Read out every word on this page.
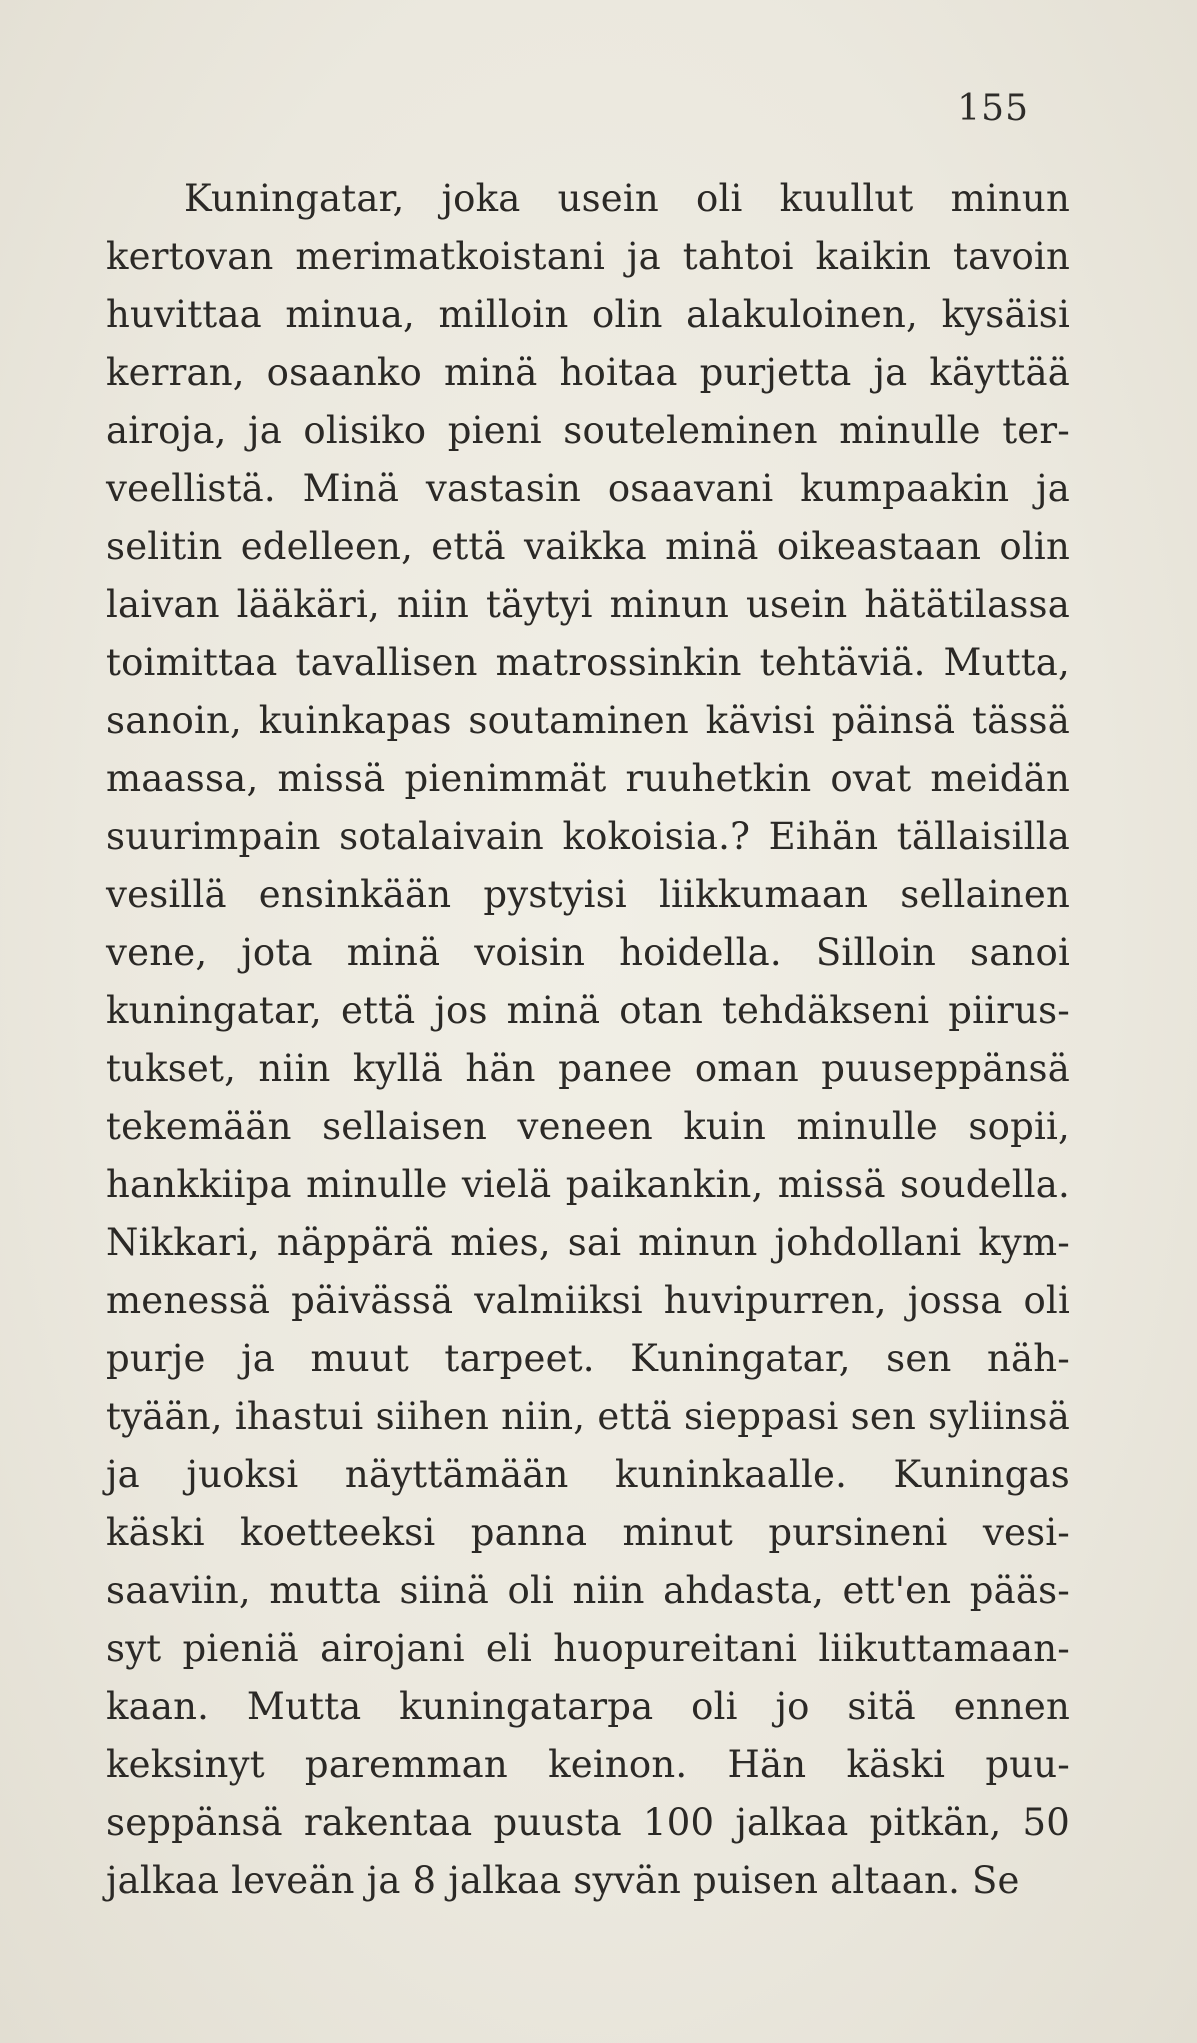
155
Kuningatar, joka usein oli kuullut minun
kertovan merimatkoistani ja tahtoi kaikin tavoin
huvittaa minua, milloin olin alakuloinen, kysäisi
kerran, osaanko minä hoitaa purjetta ja käyttää
airoja, ja olisiko pieni souteleminen minulle ter-
veellistä. Minä vastasin osaavani kumpaakin ja
selitin edelleen, että vaikka minä oikeastaan olin
laivan lääkäri, niin täytyi minun usein hätätilassa
toimittaa tavallisen matrossinkin tehtäviä. Mutta,
sanoin, kuinkapas soutaminen kävisi päinsä tässä
maassa, missä pienimmät ruuhetkin ovat meidän
suurimpain sotalaivain kokoisia.? Eihän tällaisilla
vesillä ensinkään pystyisi liikkumaan sellainen
vene, jota minä voisin hoidella. Silloin sanoi
kuningatar, että jos minä otan tehdäkseni piirus-
tukset, niin kyllä hän panee oman puuseppänsä
tekemään sellaisen veneen kuin minulle sopii,
hankkiipa minulle vielä paikankin, missä soudella.
Nikkari, näppärä mies, sai minun johdollani kym-
menessä päivässä valmiiksi huvipurren, jossa oli
purje ja muut tarpeet. Kuningatar, sen näh-
tyään, ihastui siihen niin, että sieppasi sen syliinsä
ja juoksi näyttämään kuninkaalle. Kuningas
käski koetteeksi panna minut pursineni vesi-
saaviin, mutta siinä oli niin ahdasta, ett'en pääs-
syt pieniä airojani eli huopureitani liikuttamaan-
kaan. Mutta kuningatarpa oli jo sitä ennen
keksinyt paremman keinon. Hän käski puu-
seppänsä rakentaa puusta 100 jalkaa pitkän, 50
jalkaa leveän ja 8 jalkaa syvän puisen altaan. Se
